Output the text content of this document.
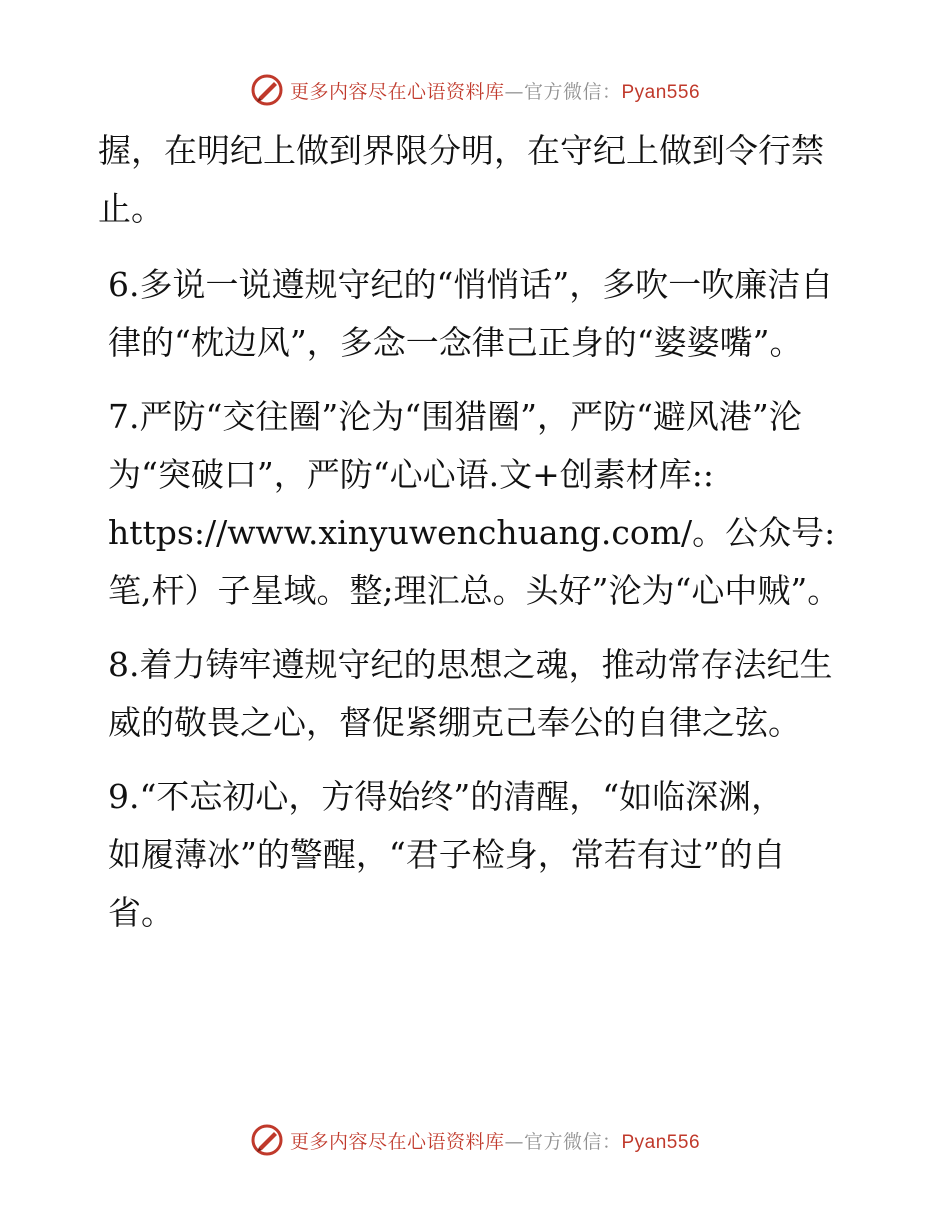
更多内容尽在心语资料库—官方微信：Pyan556

握，在明纪上做到界限分明，在守纪上做到令行禁止。

6.多说一说遵规守纪的“悄悄话”，多吹一吹廉洁自律的“枕边风”，多念一念律己正身的“婆婆嘴”。

7.严防“交往圈”沦为“围猎圈”，严防“避风港”沦为“突破口”，严防“心心语.文+创素材库:: https://www.xinyuwenchuang.com/。公众号: 笔,杆）子星域。整;理汇总。头好”沦为“心中贼”。

8.着力铸牢遵规守纪的思想之魂，推动常存法纪生威的敬畏之心，督促紧绷克己奉公的自律之弦。

9.“不忘初心，方得始终”的清醒，“如临深渊，如履薄冰”的警醒，“君子检身，常若有过”的自省。

更多内容尽在心语资料库—官方微信：Pyan556
